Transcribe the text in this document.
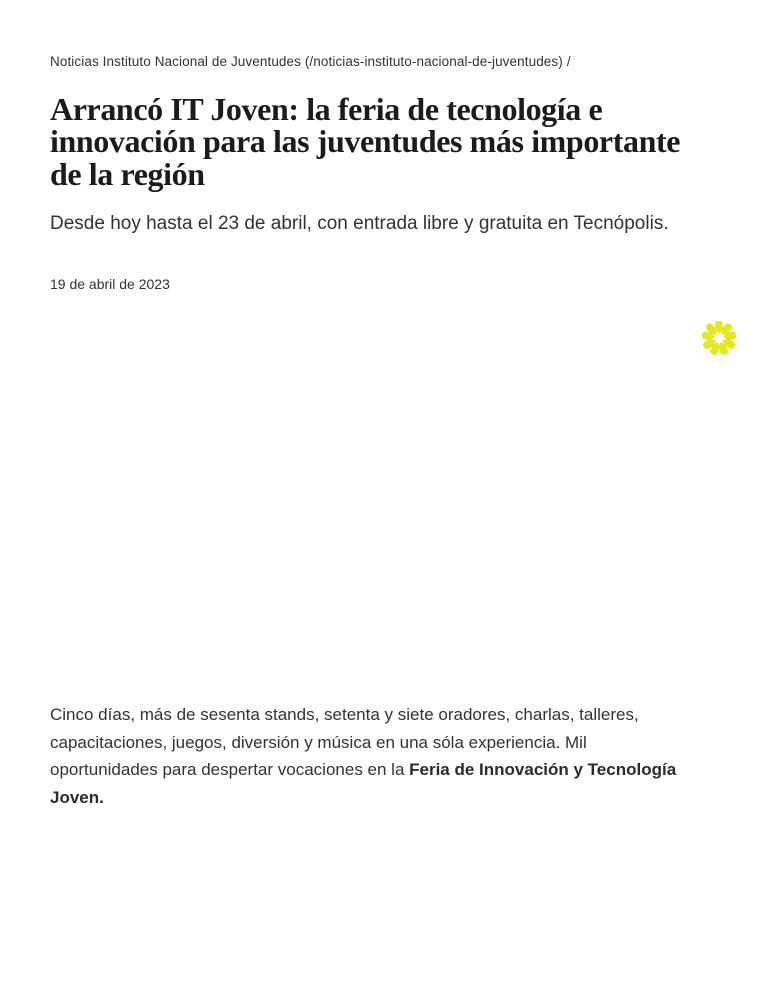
Noticias Instituto Nacional de Juventudes (/noticias-instituto-nacional-de-juventudes) /
Arrancó IT Joven: la feria de tecnología e innovación para las juventudes más importante de la región

Desde hoy hasta el 23 de abril, con entrada libre y gratuita en Tecnópolis.

19 de abril de 2023

Cinco días, más de sesenta stands, setenta y siete oradores, charlas, talleres, capacitaciones, juegos, diversión y música en una sóla experiencia. Mil oportunidades para despertar vocaciones en la Feria de Innovación y Tecnología Joven.
